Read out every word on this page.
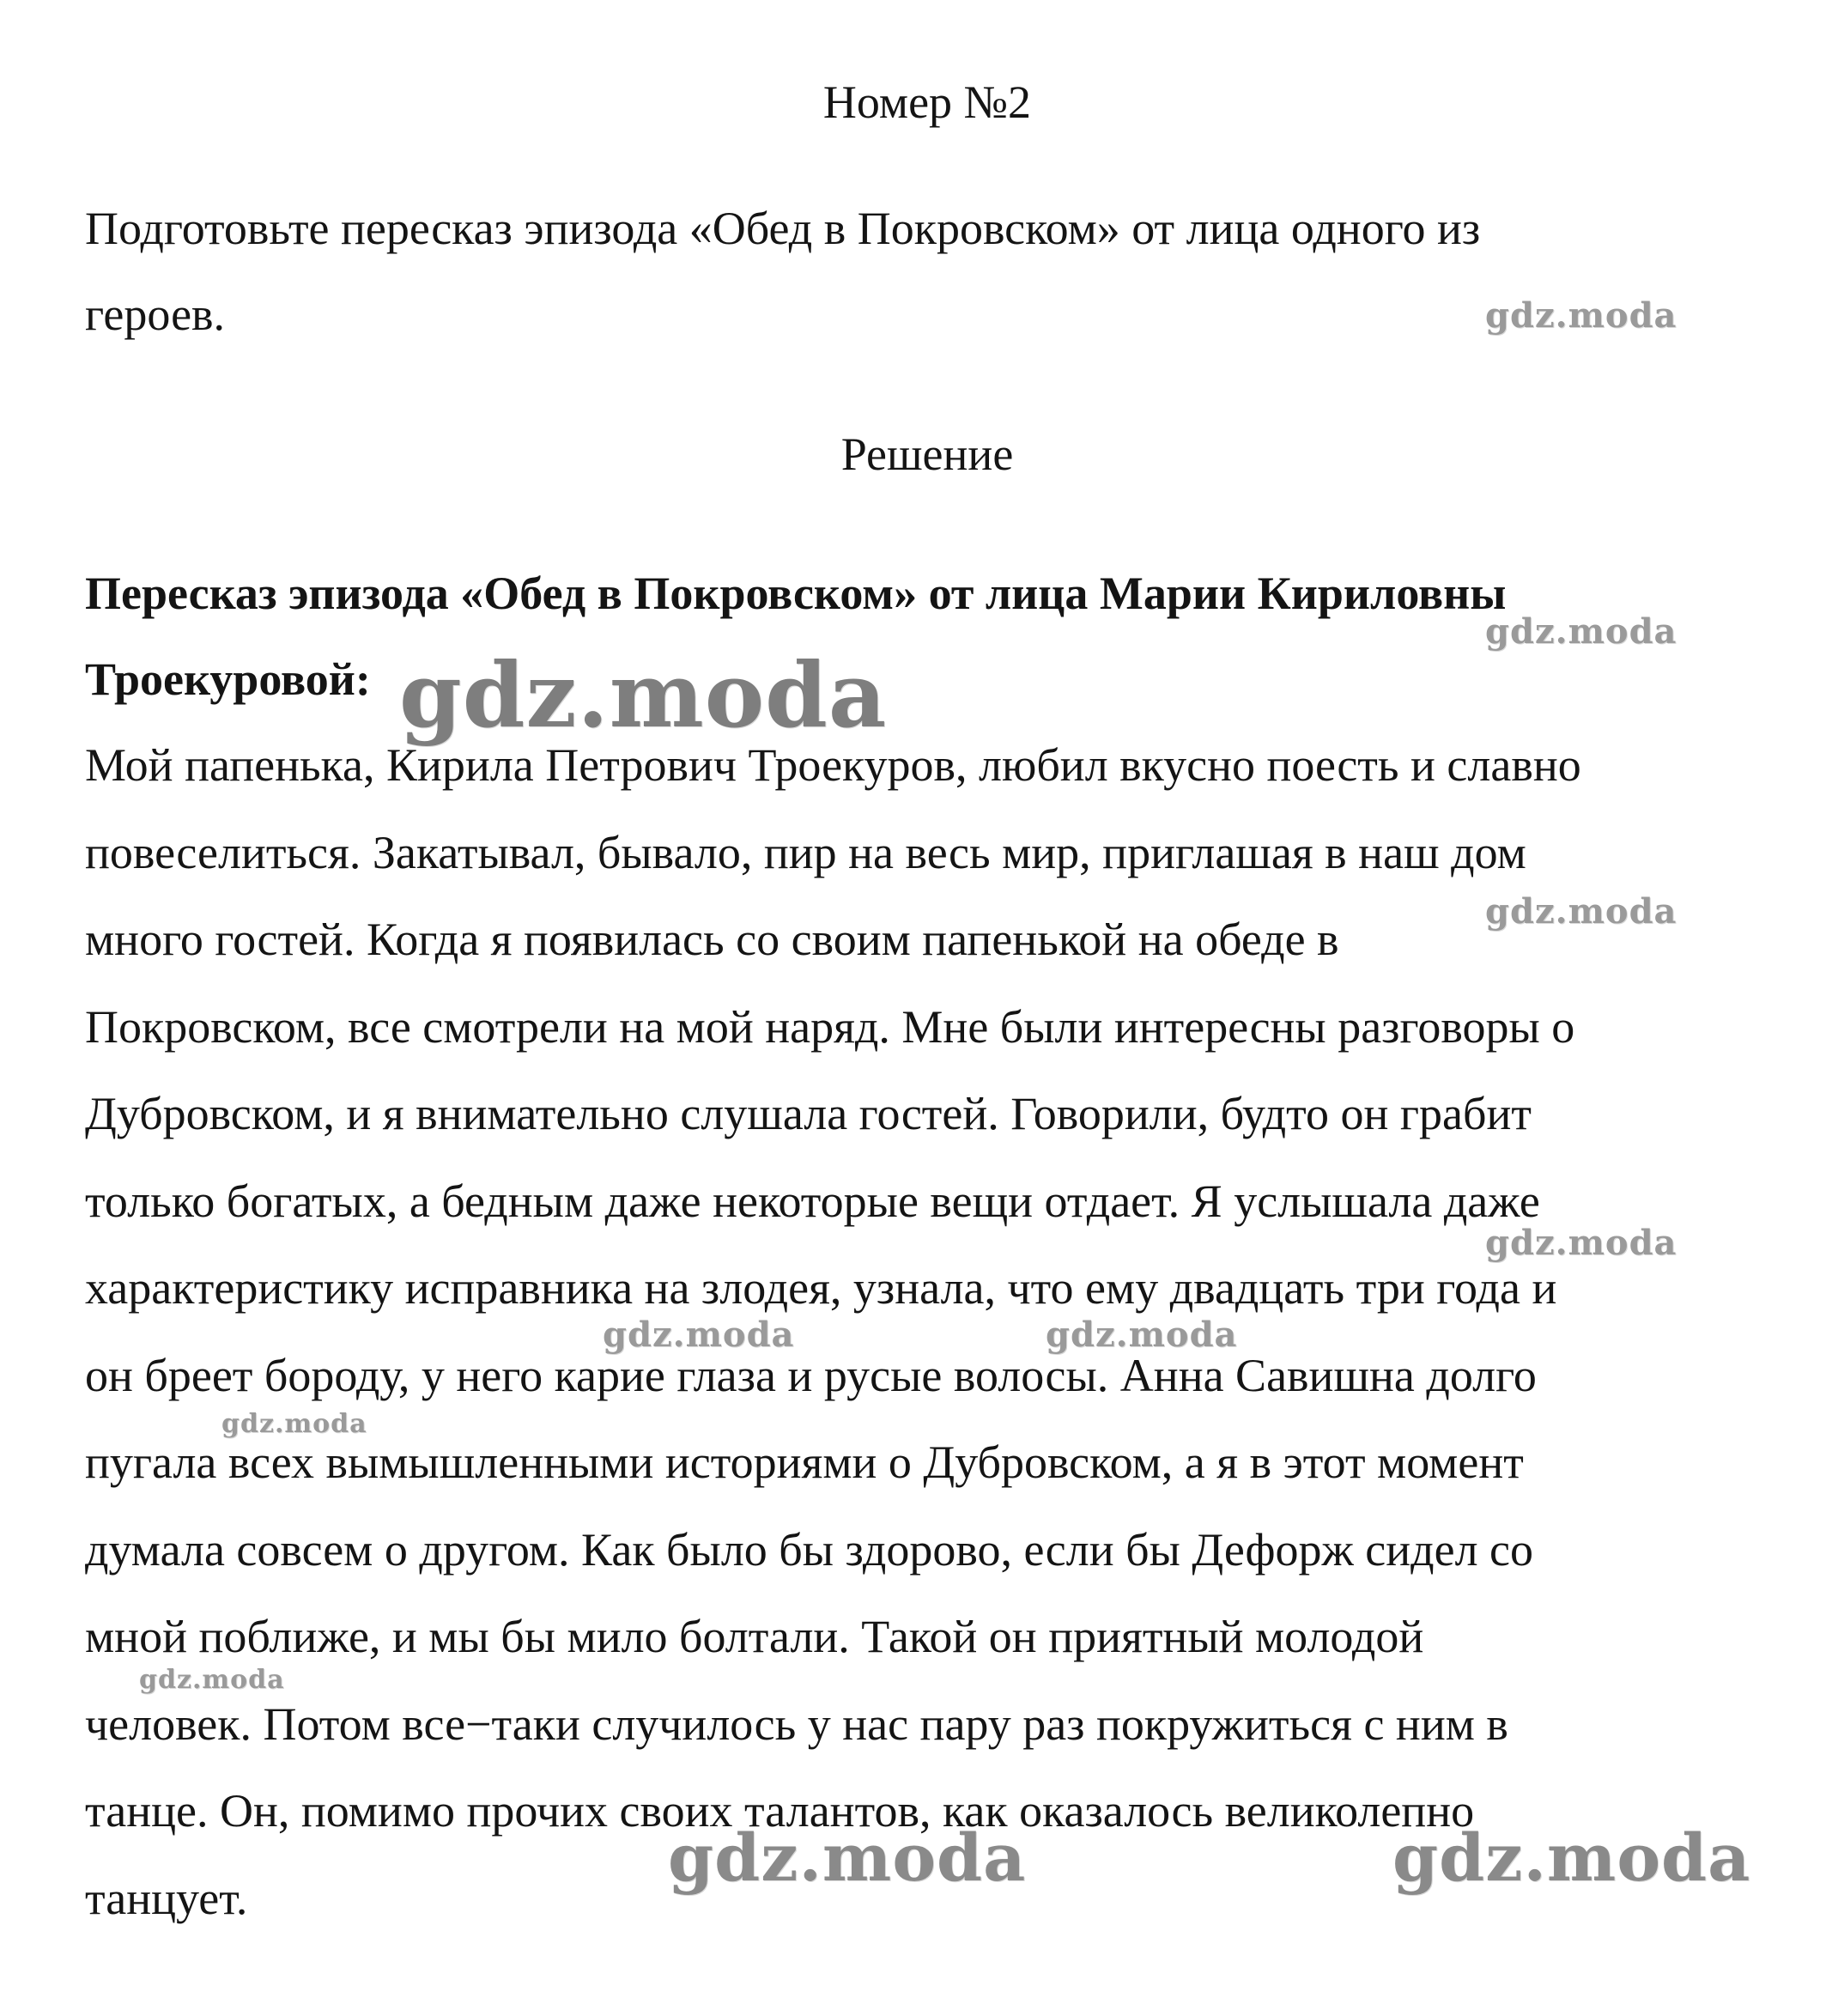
Номер №2
Подготовьте пересказ эпизода «Обед в Покровском» от лица одного из
героев.
Решение
Пересказ эпизода «Обед в Покровском» от лица Марии Кириловны
Троекуровой:
Мой папенька, Кирила Петрович Троекуров, любил вкусно поесть и славно
повеселиться. Закатывал, бывало, пир на весь мир, приглашая в наш дом
много гостей. Когда я появилась со своим папенькой на обеде в
Покровском, все смотрели на мой наряд. Мне были интересны разговоры о
Дубровском, и я внимательно слушала гостей. Говорили, будто он грабит
только богатых, а бедным даже некоторые вещи отдает. Я услышала даже
характеристику исправника на злодея, узнала, что ему двадцать три года и
он бреет бороду, у него карие глаза и русые волосы. Анна Савишна долго
пугала всех вымышленными историями о Дубровском, а я в этот момент
думала совсем о другом. Как было бы здорово, если бы Дефорж сидел со
мной поближе, и мы бы мило болтали. Такой он приятный молодой
человек. Потом все−таки случилось у нас пару раз покружиться с ним в
танце. Он, помимо прочих своих талантов, как оказалось великолепно
танцует.
gdz.moda
gdz.moda
gdz.moda
gdz.moda
gdz.moda
gdz.moda	gdz.moda
gdz.moda
gdz.moda
gdz.moda	gdz.moda
